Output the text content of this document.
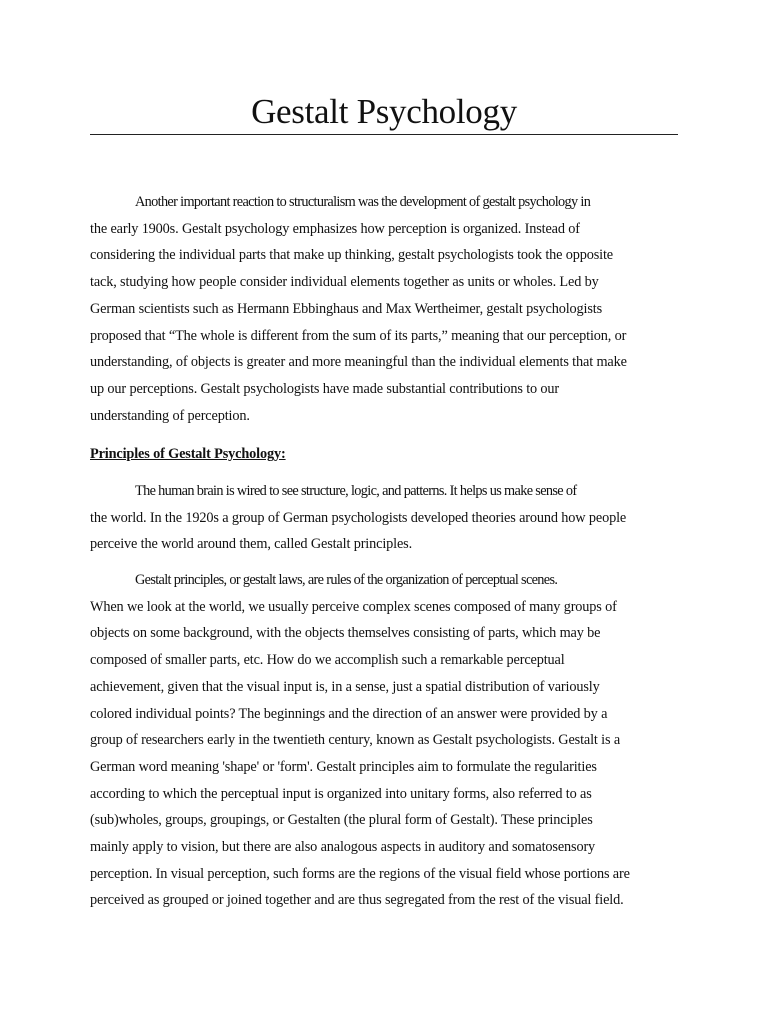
Gestalt Psychology

Another important reaction to structuralism was the development of gestalt psychology in
the early 1900s. Gestalt psychology emphasizes how perception is organized. Instead of
considering the individual parts that make up thinking, gestalt psychologists took the opposite
tack, studying how people consider individual elements together as units or wholes. Led by
German scientists such as Hermann Ebbinghaus and Max Wertheimer, gestalt psychologists
proposed that “The whole is different from the sum of its parts,” meaning that our perception, or
understanding, of objects is greater and more meaningful than the individual elements that make
up our perceptions. Gestalt psychologists have made substantial contributions to our
understanding of perception.

Principles of Gestalt Psychology:

The human brain is wired to see structure, logic, and patterns. It helps us make sense of
the world. In the 1920s a group of German psychologists developed theories around how people
perceive the world around them, called Gestalt principles.

Gestalt principles, or gestalt laws, are rules of the organization of perceptual scenes.
When we look at the world, we usually perceive complex scenes composed of many groups of
objects on some background, with the objects themselves consisting of parts, which may be
composed of smaller parts, etc. How do we accomplish such a remarkable perceptual
achievement, given that the visual input is, in a sense, just a spatial distribution of variously
colored individual points? The beginnings and the direction of an answer were provided by a
group of researchers early in the twentieth century, known as Gestalt psychologists. Gestalt is a
German word meaning 'shape' or 'form'. Gestalt principles aim to formulate the regularities
according to which the perceptual input is organized into unitary forms, also referred to as
(sub)wholes, groups, groupings, or Gestalten (the plural form of Gestalt). These principles
mainly apply to vision, but there are also analogous aspects in auditory and somatosensory
perception. In visual perception, such forms are the regions of the visual field whose portions are
perceived as grouped or joined together and are thus segregated from the rest of the visual field.
